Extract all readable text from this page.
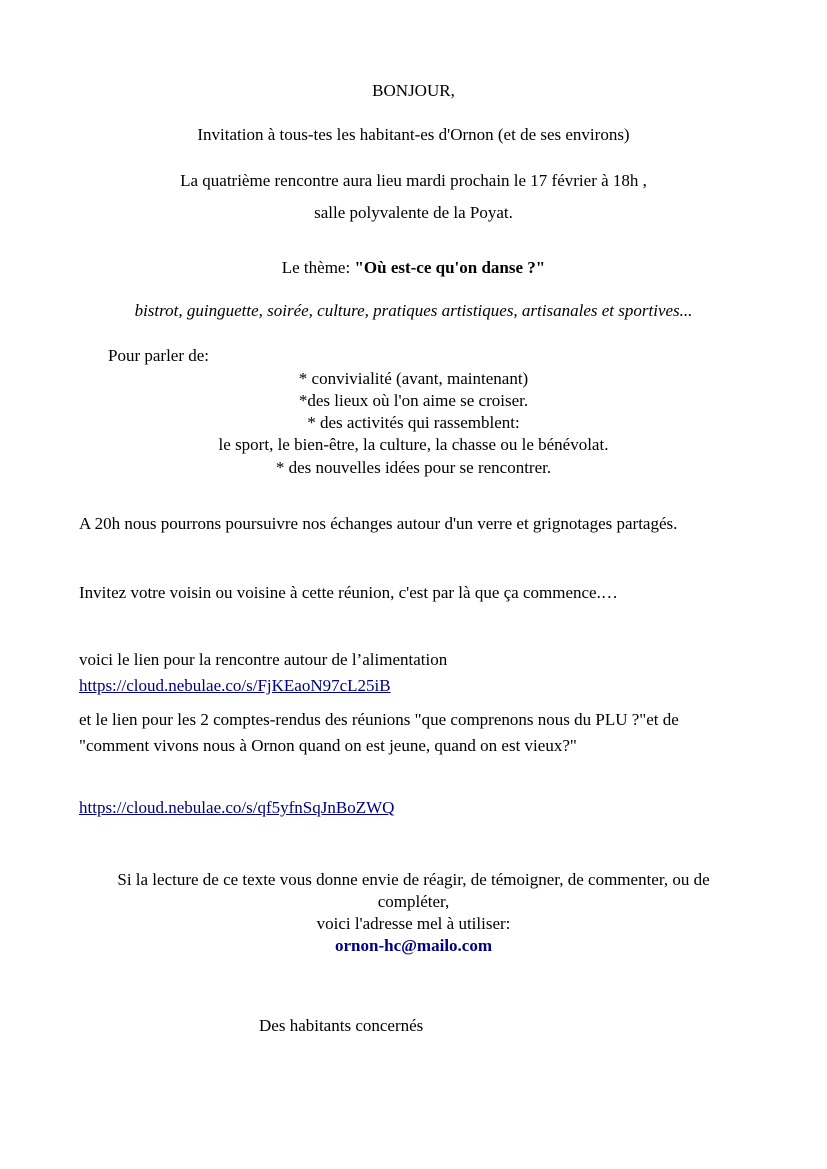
BONJOUR,
Invitation à tous-tes les habitant-es d'Ornon (et de ses environs)
La quatrième rencontre aura lieu mardi prochain le 17 février à 18h ,
salle polyvalente de la Poyat.
Le thème: "Où est-ce qu'on danse ?"
bistrot, guinguette, soirée, culture, pratiques artistiques, artisanales et sportives...
Pour parler de:
* convivialité (avant, maintenant)
*des lieux où l'on aime se croiser.
* des activités qui rassemblent:
le sport, le bien-être, la culture, la chasse ou le bénévolat.
* des nouvelles idées pour se rencontrer.
A 20h nous pourrons poursuivre nos échanges autour d'un verre et grignotages partagés.
Invitez votre voisin ou voisine à cette réunion, c'est par là que ça commence.…
voici le lien pour la rencontre autour de l’alimentation
https://cloud.nebulae.co/s/FjKEaoN97cL25iB
et le lien pour les 2 comptes-rendus des réunions "que comprenons nous du PLU ?"et de "comment vivons nous à Ornon quand on est jeune, quand on est vieux?"
https://cloud.nebulae.co/s/qf5yfnSqJnBoZWQ
Si la lecture de ce texte vous donne envie de réagir, de témoigner, de commenter, ou de compléter,
voici l'adresse mel à utiliser:
ornon-hc@mailo.com
Des habitants concernés
